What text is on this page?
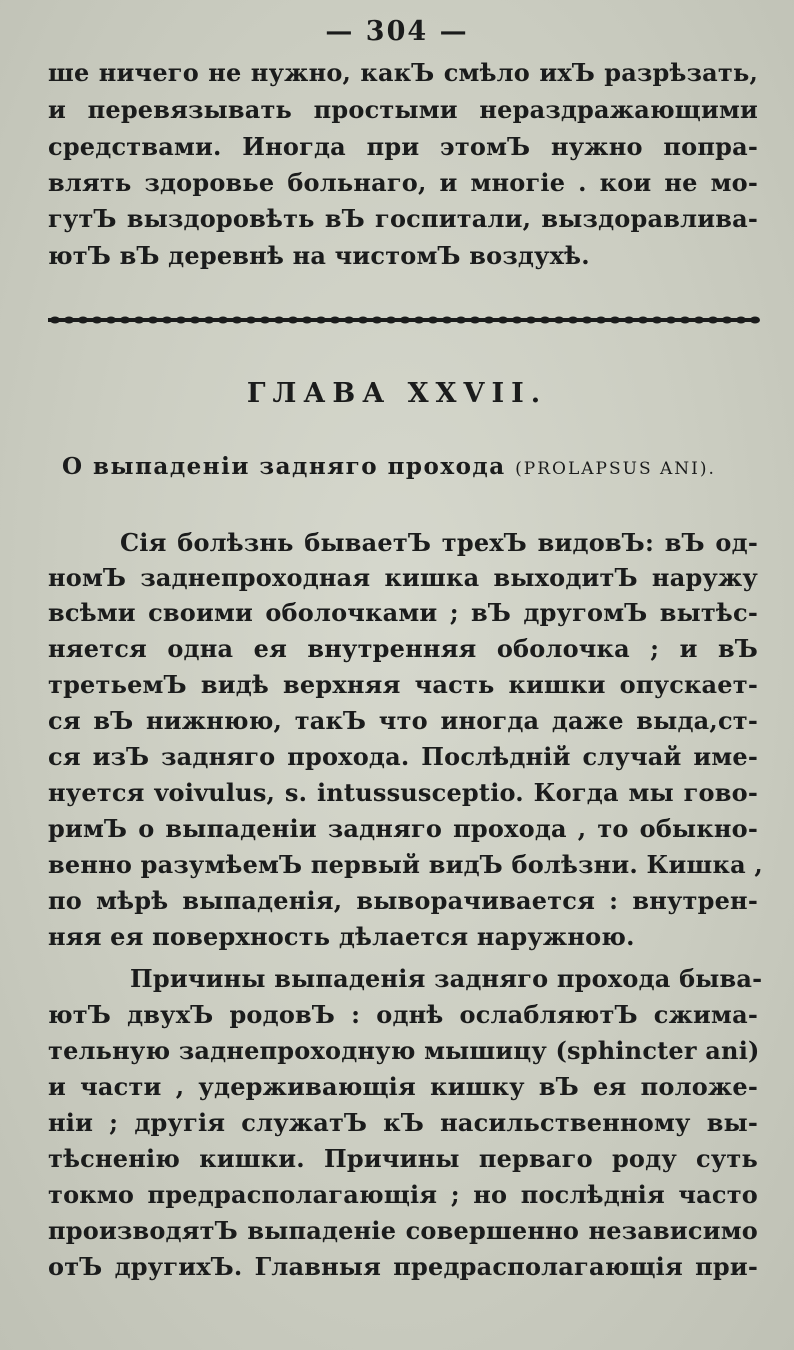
— 304 —
ше ничего не нужно, какЪ смѣло ихЪ разрѣзать,
и перевязывать простыми нераздражающими
средствами. Иногда при этомЪ нужно попра-
влять здоровье больнаго, и многiе . кои не мо-
гутЪ выздоровѣть вЪ госпитали, выздоравлива-
ютЪ вЪ деревнѣ на чистомЪ воздухѣ.
ГЛАВА XXVII.
О выпаденiи задняго прохода (PROLAPSUS ANI).
Сiя болѣзнь бываетЪ трехЪ видовЪ: вЪ од-
номЪ заднепроходная кишка выходитЪ наружу
всѣми своими оболочками ; вЪ другомЪ вытѣс-
няется одна ея внутренняя оболочка ; и вЪ
третьемЪ видѣ верхняя часть кишки опускает-
ся вЪ нижнюю, такЪ что иногда даже выда,ст-
ся изЪ задняго прохода. Послѣднiй случай име-
нуется voivulus, s. intussusceptio. Когда мы гово-
римЪ о выпаденiи задняго прохода , то обыкно-
венно разумѣемЪ первый видЪ болѣзни. Кишка ,
по мѣрѣ выпаденiя, выворачивается : внутрен-
няя ея поверхность дѣлается наружною.
Причины выпаденiя задняго прохода бывa-
ютЪ двухЪ родовЪ : однѣ ослабляютЪ сжима-
тельную заднепроходную мышицу (sphincter ani)
и части , удерживающiя кишку вЪ ея положе-
нiи ; другiя служатЪ кЪ насильственному вы-
тѣсненiю кишки. Причины перваго роду суть
токмо предрасполагающiя ; но послѣднiя часто
производятЪ выпаденiе совершенно независимо
отЪ другихЪ. Главныя предрасполагающiя при-
